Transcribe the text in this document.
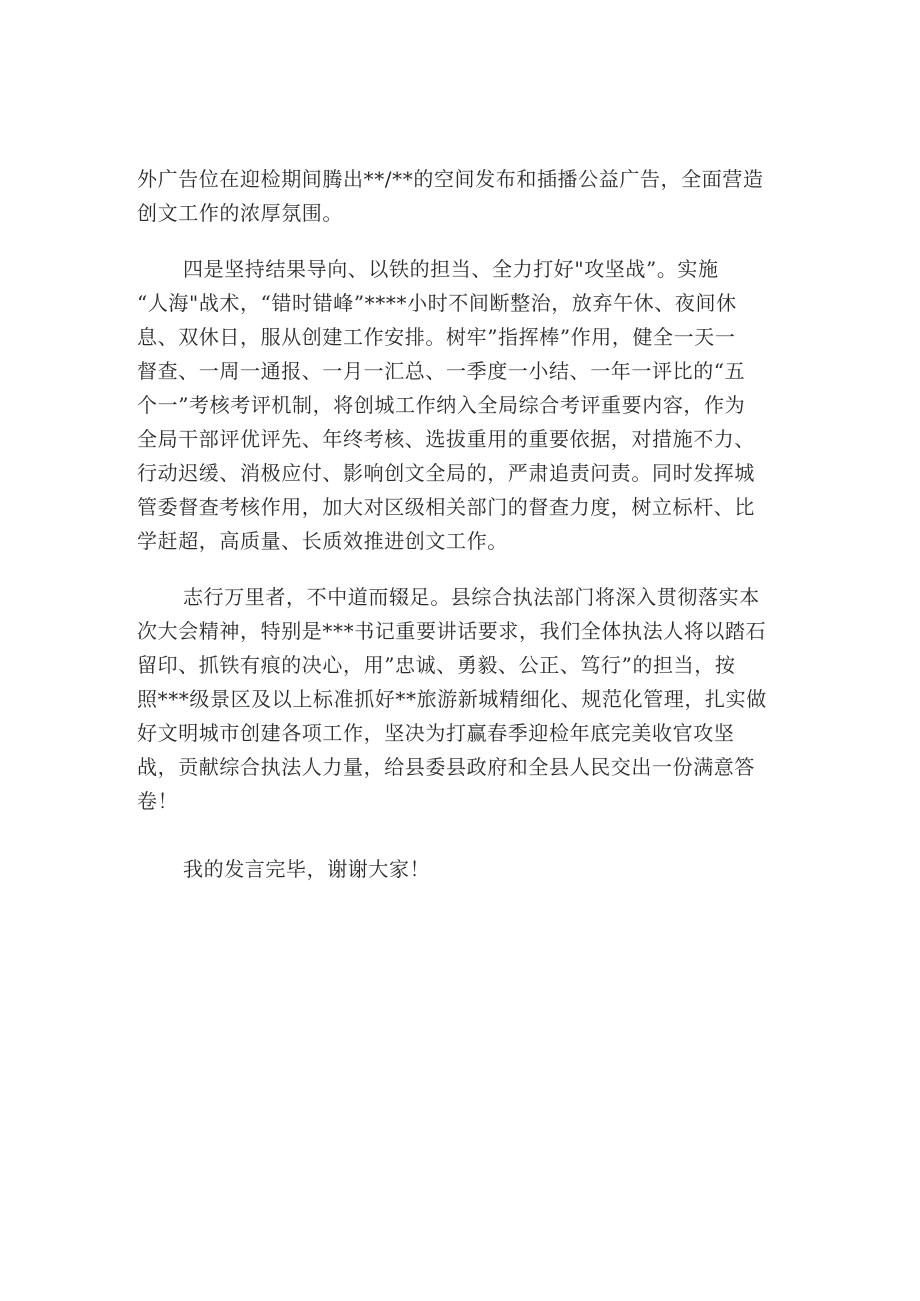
外广告位在迎检期间腾出**/**的空间发布和插播公益广告，全面营造
创文工作的浓厚氛围。
四是坚持结果导向、以铁的担当、全力打好"攻坚战”。实施
“人海"战术，“错时错峰”****小时不间断整治，放弃午休、夜间休
息、双休日，服从创建工作安排。树牢”指挥棒”作用，健全一天一
督查、一周一通报、一月一汇总、一季度一小结、一年一评比的“五
个一”考核考评机制，将创城工作纳入全局综合考评重要内容，作为
全局干部评优评先、年终考核、选拔重用的重要依据，对措施不力、
行动迟缓、消极应付、影响创文全局的，严肃追责问责。同时发挥城
管委督查考核作用，加大对区级相关部门的督查力度，树立标杆、比
学赶超，高质量、长质效推进创文工作。
志行万里者，不中道而辍足。县综合执法部门将深入贯彻落实本
次大会精神，特别是***书记重要讲话要求，我们全体执法人将以踏石
留印、抓铁有痕的决心，用”忠诚、勇毅、公正、笃行”的担当，按
照***级景区及以上标准抓好**旅游新城精细化、规范化管理，扎实做
好文明城市创建各项工作，坚决为打赢春季迎检年底完美收官攻坚
战，贡献综合执法人力量，给县委县政府和全县人民交出一份满意答
卷！
我的发言完毕，谢谢大家！
